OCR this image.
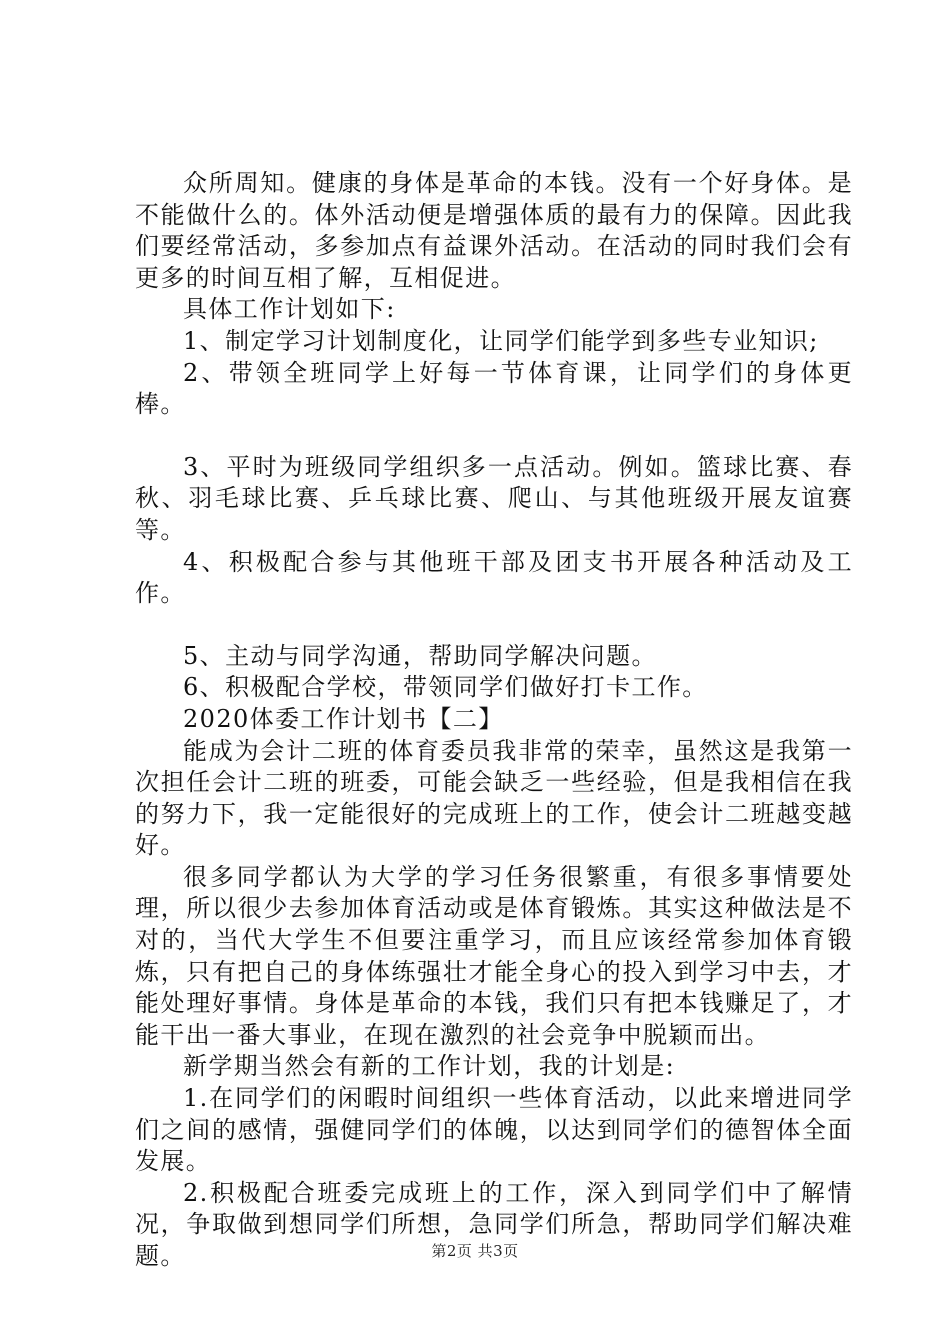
众所周知。健康的身体是革命的本钱。没有一个好身体。是不能做什么的。体外活动便是增强体质的最有力的保障。因此我们要经常活动，多参加点有益课外活动。在活动的同时我们会有更多的时间互相了解，互相促进。

具体工作计划如下:

1、制定学习计划制度化，让同学们能学到多些专业知识;

2、带领全班同学上好每一节体育课，让同学们的身体更棒。

3、平时为班级同学组织多一点活动。例如。篮球比赛、春秋、羽毛球比赛、乒乓球比赛、爬山、与其他班级开展友谊赛等。

4、积极配合参与其他班干部及团支书开展各种活动及工作。

5、主动与同学沟通，帮助同学解决问题。

6、积极配合学校，带领同学们做好打卡工作。

2020体委工作计划书【二】

能成为会计二班的体育委员我非常的荣幸，虽然这是我第一次担任会计二班的班委，可能会缺乏一些经验，但是我相信在我的努力下，我一定能很好的完成班上的工作，使会计二班越变越好。

很多同学都认为大学的学习任务很繁重，有很多事情要处理，所以很少去参加体育活动或是体育锻炼。其实这种做法是不对的，当代大学生不但要注重学习，而且应该经常参加体育锻炼，只有把自己的身体练强壮才能全身心的投入到学习中去，才能处理好事情。身体是革命的本钱，我们只有把本钱赚足了，才能干出一番大事业，在现在激烈的社会竞争中脱颖而出。

新学期当然会有新的工作计划，我的计划是:

1.在同学们的闲暇时间组织一些体育活动，以此来增进同学们之间的感情，强健同学们的体魄，以达到同学们的德智体全面发展。

2.积极配合班委完成班上的工作，深入到同学们中了解情况，争取做到想同学们所想，急同学们所急，帮助同学们解决难题。	第2页 共3页
